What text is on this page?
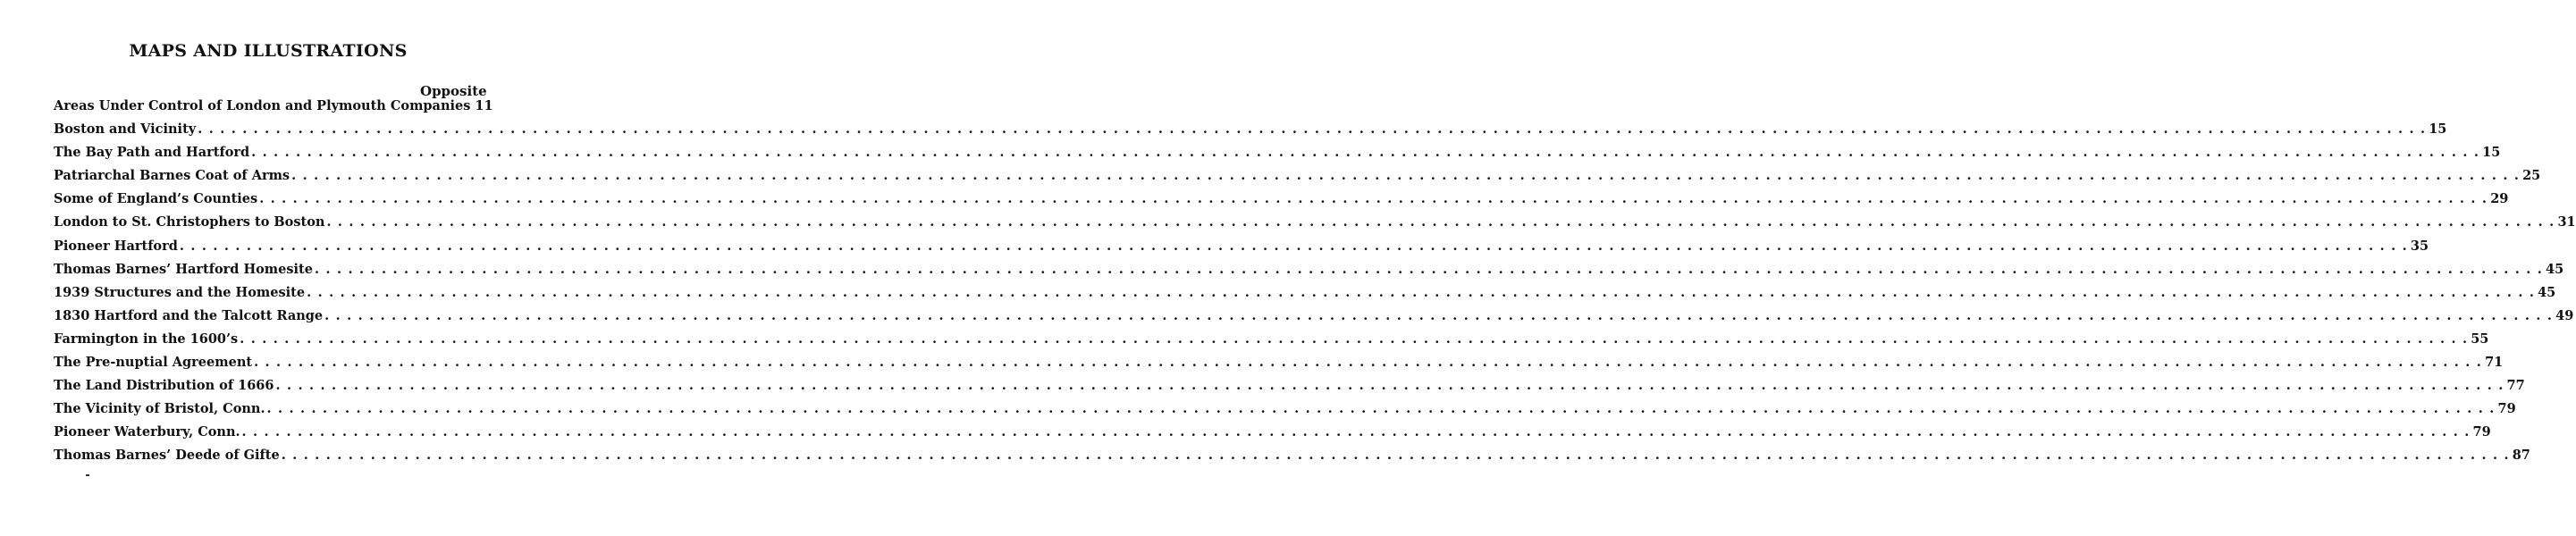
MAPS AND ILLUSTRATIONS
Opposite
Areas Under Control of London and Plymouth Companies 11
Boston and Vicinity . . . . . . . . . . . . . . . . . . . . . . . . . . . . . . . . . . . . . . . . . . . . . . . . . . . . . . . . . . . . . . . . . . . . . . . . . . . . . . . . . . . . . . . . . . . . . . . . . . . . . . . . . . . . . . . . . . . . . . . . . . . . . . . . . . . . . . . . . . . . . . . . . . . . . . . . . . . . . . . . . . . . . . . . . . . . . . . . . . . . . . . . . . . . . . . . . . . . . . . . 15
The Bay Path and Hartford . . . . . . . . . . . . . . . . . . . . . . . . . . . . . . . . . . . . . . . . . . . . . . . . . . . . . . . . . . . . . . . . . . . . . . . . . . . . . . . . . . . . . . . . . . . . . . . . . . . . . . . . . . . . . . . . . . . . . . . . . . . . . . . . . . . . . . . . . . . . . . . . . . . . . . . . . . . . . . . . . . . . . . . . . . . . . . . . . . . . . . . . . . . . . . . . . . . . . . . . 15
Patriarchal Barnes Coat of Arms . . . . . . . . . . . . . . . . . . . . . . . . . . . . . . . . . . . . . . . . . . . . . . . . . . . . . . . . . . . . . . . . . . . . . . . . . . . . . . . . . . . . . . . . . . . . . . . . . . . . . . . . . . . . . . . . . . . . . . . . . . . . . . . . . . . . . . . . . . . . . . . . . . . . . . . . . . . . . . . . . . . . . . . . . . . . . . . . . . . . . . . . . . . . . . . . . . . . . . . . 25
Some of England’s Counties . . . . . . . . . . . . . . . . . . . . . . . . . . . . . . . . . . . . . . . . . . . . . . . . . . . . . . . . . . . . . . . . . . . . . . . . . . . . . . . . . . . . . . . . . . . . . . . . . . . . . . . . . . . . . . . . . . . . . . . . . . . . . . . . . . . . . . . . . . . . . . . . . . . . . . . . . . . . . . . . . . . . . . . . . . . . . . . . . . . . . . . . . . . . . . . . . . . . . . . . 29
London to St. Christophers to Boston . . . . . . . . . . . . . . . . . . . . . . . . . . . . . . . . . . . . . . . . . . . . . . . . . . . . . . . . . . . . . . . . . . . . . . . . . . . . . . . . . . . . . . . . . . . . . . . . . . . . . . . . . . . . . . . . . . . . . . . . . . . . . . . . . . . . . . . . . . . . . . . . . . . . . . . . . . . . . . . . . . . . . . . . . . . . . . . . . . . . . . . . . . . . . . . . . . . . . . . . 31
Pioneer Hartford . . . . . . . . . . . . . . . . . . . . . . . . . . . . . . . . . . . . . . . . . . . . . . . . . . . . . . . . . . . . . . . . . . . . . . . . . . . . . . . . . . . . . . . . . . . . . . . . . . . . . . . . . . . . . . . . . . . . . . . . . . . . . . . . . . . . . . . . . . . . . . . . . . . . . . . . . . . . . . . . . . . . . . . . . . . . . . . . . . . . . . . . . . . . . . . . . . . . . . . . 35
Thomas Barnes’ Hartford Homesite . . . . . . . . . . . . . . . . . . . . . . . . . . . . . . . . . . . . . . . . . . . . . . . . . . . . . . . . . . . . . . . . . . . . . . . . . . . . . . . . . . . . . . . . . . . . . . . . . . . . . . . . . . . . . . . . . . . . . . . . . . . . . . . . . . . . . . . . . . . . . . . . . . . . . . . . . . . . . . . . . . . . . . . . . . . . . . . . . . . . . . . . . . . . . . . . . . . . . . . . 45
1939 Structures and the Homesite . . . . . . . . . . . . . . . . . . . . . . . . . . . . . . . . . . . . . . . . . . . . . . . . . . . . . . . . . . . . . . . . . . . . . . . . . . . . . . . . . . . . . . . . . . . . . . . . . . . . . . . . . . . . . . . . . . . . . . . . . . . . . . . . . . . . . . . . . . . . . . . . . . . . . . . . . . . . . . . . . . . . . . . . . . . . . . . . . . . . . . . . . . . . . . . . . . . . . . . . 45
1830 Hartford and the Talcott Range . . . . . . . . . . . . . . . . . . . . . . . . . . . . . . . . . . . . . . . . . . . . . . . . . . . . . . . . . . . . . . . . . . . . . . . . . . . . . . . . . . . . . . . . . . . . . . . . . . . . . . . . . . . . . . . . . . . . . . . . . . . . . . . . . . . . . . . . . . . . . . . . . . . . . . . . . . . . . . . . . . . . . . . . . . . . . . . . . . . . . . . . . . . . . . . . . . . . . . . . 49
Farmington in the 1600’s . . . . . . . . . . . . . . . . . . . . . . . . . . . . . . . . . . . . . . . . . . . . . . . . . . . . . . . . . . . . . . . . . . . . . . . . . . . . . . . . . . . . . . . . . . . . . . . . . . . . . . . . . . . . . . . . . . . . . . . . . . . . . . . . . . . . . . . . . . . . . . . . . . . . . . . . . . . . . . . . . . . . . . . . . . . . . . . . . . . . . . . . . . . . . . . . . . . . . . . . 55
The Pre-nuptial Agreement . . . . . . . . . . . . . . . . . . . . . . . . . . . . . . . . . . . . . . . . . . . . . . . . . . . . . . . . . . . . . . . . . . . . . . . . . . . . . . . . . . . . . . . . . . . . . . . . . . . . . . . . . . . . . . . . . . . . . . . . . . . . . . . . . . . . . . . . . . . . . . . . . . . . . . . . . . . . . . . . . . . . . . . . . . . . . . . . . . . . . . . . . . . . . . . . . . . . . . . . 71
The Land Distribution of 1666 . . . . . . . . . . . . . . . . . . . . . . . . . . . . . . . . . . . . . . . . . . . . . . . . . . . . . . . . . . . . . . . . . . . . . . . . . . . . . . . . . . . . . . . . . . . . . . . . . . . . . . . . . . . . . . . . . . . . . . . . . . . . . . . . . . . . . . . . . . . . . . . . . . . . . . . . . . . . . . . . . . . . . . . . . . . . . . . . . . . . . . . . . . . . . . . . . . . . . . . . 77
The Vicinity of Bristol, Conn. . . . . . . . . . . . . . . . . . . . . . . . . . . . . . . . . . . . . . . . . . . . . . . . . . . . . . . . . . . . . . . . . . . . . . . . . . . . . . . . . . . . . . . . . . . . . . . . . . . . . . . . . . . . . . . . . . . . . . . . . . . . . . . . . . . . . . . . . . . . . . . . . . . . . . . . . . . . . . . . . . . . . . . . . . . . . . . . . . . . . . . . . . . . . . . . . . . . . . . . . 79
Pioneer Waterbury, Conn. . . . . . . . . . . . . . . . . . . . . . . . . . . . . . . . . . . . . . . . . . . . . . . . . . . . . . . . . . . . . . . . . . . . . . . . . . . . . . . . . . . . . . . . . . . . . . . . . . . . . . . . . . . . . . . . . . . . . . . . . . . . . . . . . . . . . . . . . . . . . . . . . . . . . . . . . . . . . . . . . . . . . . . . . . . . . . . . . . . . . . . . . . . . . . . . . . . . . . . . . 79
Thomas Barnes’ Deede of Gifte . . . . . . . . . . . . . . . . . . . . . . . . . . . . . . . . . . . . . . . . . . . . . . . . . . . . . . . . . . . . . . . . . . . . . . . . . . . . . . . . . . . . . . . . . . . . . . . . . . . . . . . . . . . . . . . . . . . . . . . . . . . . . . . . . . . . . . . . . . . . . . . . . . . . . . . . . . . . . . . . . . . . . . . . . . . . . . . . . . . . . . . . . . . . . . . . . . . . . . . . 87
